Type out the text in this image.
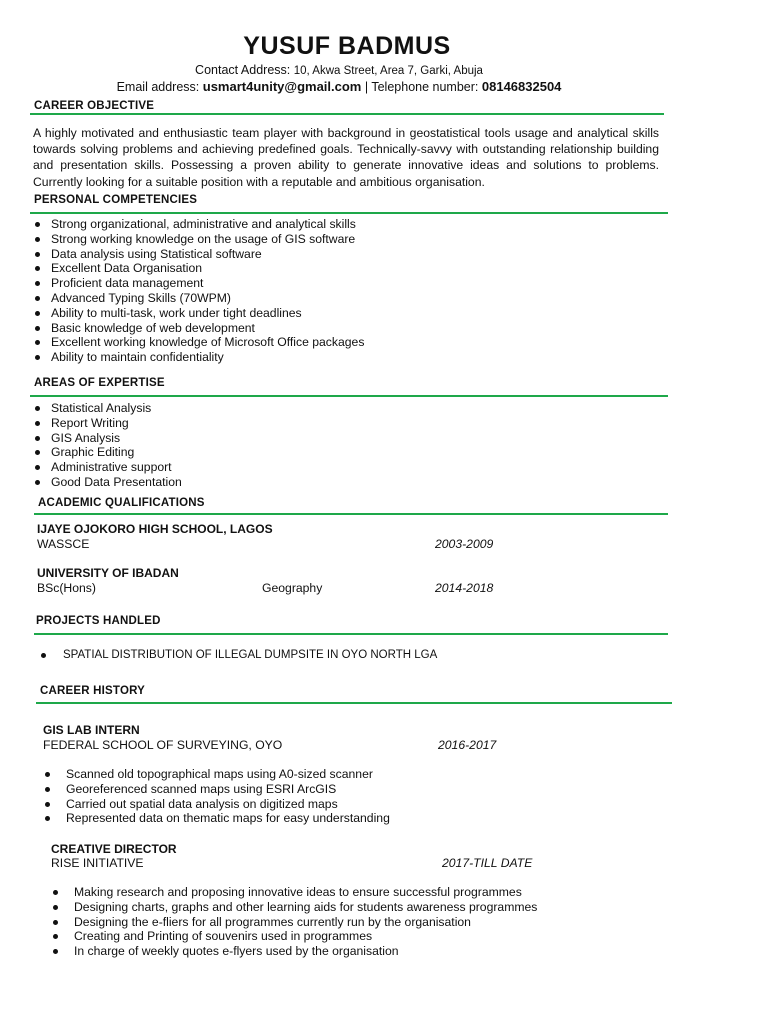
YUSUF BADMUS
Contact Address: 10, Akwa Street, Area 7, Garki, Abuja
Email address: usmart4unity@gmail.com | Telephone number: 08146832504
CAREER OBJECTIVE
A highly motivated and enthusiastic team player with background in geostatistical tools usage and analytical skills towards solving problems and achieving predefined goals. Technically-savvy with outstanding relationship building and presentation skills. Possessing a proven ability to generate innovative ideas and solutions to problems. Currently looking for a suitable position with a reputable and ambitious organisation.
PERSONAL COMPETENCIES
Strong organizational, administrative and analytical skills
Strong working knowledge on the usage of GIS software
Data analysis using Statistical software
Excellent Data Organisation
Proficient data management
Advanced Typing Skills (70WPM)
Ability to multi-task, work under tight deadlines
Basic knowledge of web development
Excellent working knowledge of Microsoft Office packages
Ability to maintain confidentiality
AREAS OF EXPERTISE
Statistical Analysis
Report Writing
GIS Analysis
Graphic Editing
Administrative support
Good Data Presentation
ACADEMIC QUALIFICATIONS
IJAYE OJOKORO HIGH SCHOOL, LAGOS
WASSCE	2003-2009
UNIVERSITY OF IBADAN
BSc(Hons)	Geography	2014-2018
PROJECTS HANDLED
SPATIAL DISTRIBUTION OF ILLEGAL DUMPSITE IN OYO NORTH LGA
CAREER HISTORY
GIS LAB INTERN
FEDERAL SCHOOL OF SURVEYING, OYO	2016-2017
Scanned old topographical maps using A0-sized scanner
Georeferenced scanned maps using ESRI ArcGIS
Carried out spatial data analysis on digitized maps
Represented data on thematic maps for easy understanding
CREATIVE DIRECTOR
RISE INITIATIVE	2017-TILL DATE
Making research and proposing innovative ideas to ensure successful programmes
Designing charts, graphs and other learning aids for students awareness programmes
Designing the e-fliers for all programmes currently run by the organisation
Creating and Printing of souvenirs used in programmes
In charge of weekly quotes e-flyers used by the organisation
